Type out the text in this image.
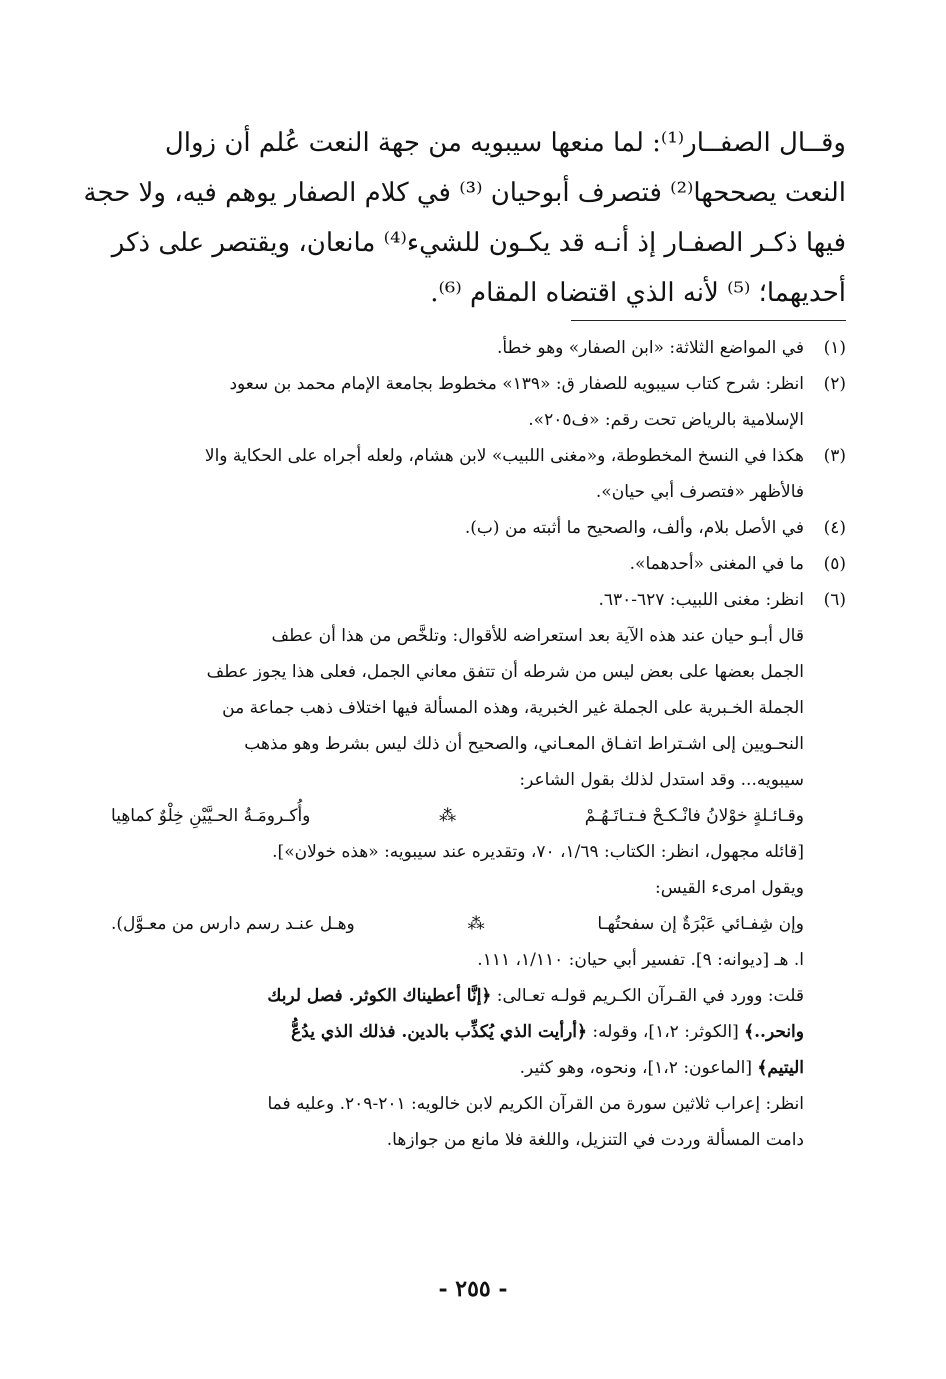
وقــال الصفــار⁽¹⁾: لما منعها سيبويه من جهة النعت عُلم أن زوال
النعت يصححها⁽²⁾ فتصرف أبوحيان ⁽³⁾ في كلام الصفار يوهم فيه، ولا حجة
فيها ذكـر الصفـار إذ أنـه قد يكـون للشيء⁽⁴⁾ مانعان، ويقتصر على ذكر
أحديهما؛ ⁽⁵⁾ لأنه الذي اقتضاه المقام ⁽⁶⁾.
(١)
في المواضع الثلاثة: «ابن الصفار» وهو خطأ.
(٢)
انظر: شرح كتاب سيبويه للصفار ق: «١٣٩» مخطوط بجامعة الإمام محمد بن سعود
الإسلامية بالرياض تحت رقم: «ف٢٠٥».
(٣)
هكذا في النسخ المخطوطة، و«مغنى اللبيب» لابن هشام، ولعله أجراه على الحكاية والا
فالأظهر «فتصرف أبي حيان».
(٤)
في الأصل بلام، وألف، والصحيح ما أثبته من (ب).
(٥)
ما في المغنى «أحدهما».
(٦)
انظر: مغنى اللبيب: ٦٢٧-٦٣٠.
قال أبـو حيان عند هذه الآية بعد استعراضه للأقوال: وتلخَّص من هذا أن عطف
الجمل بعضها على بعض ليس من شرطه أن تتفق معاني الجمل، فعلى هذا يجوز عطف
الجملة الخـبرية على الجملة غير الخبرية، وهذه المسألة فيها اختلاف ذهب جماعة من
النحـويين إلى اشـتراط اتفـاق المعـاني، والصحيح أن ذلك ليس بشرط وهو مذهب
سيبويه... وقد استدل لذلك بقول الشاعر:
وقـائـلةٍ خوْلانُ فانْـكـحْ فـتـاتَـهُـمْ
⁂
وأُكـرومَـةُ الحـيَّيْنِ خِلْوٌ كماهِيا
[قائله مجهول، انظر: الكتاب: ١/٦٩، ٧٠، وتقديره عند سيبويه: «هذه خولان»].
ويقول امرىء القيس:
وإن شِفـائي عَبْرَةٌ إن سفحتُهـا
⁂
وهـل عنـد رسم دارس من معـوَّل).
ا. هـ [ديوانه: ٩]. تفسير أبي حيان: ١/١١٠، ١١١.
قلت: وورد في القـرآن الكـريم قولـه تعـالى: ﴿إنَّا أعطيناك الكوثر. فصل لربك
وانحر..﴾ [الكوثر: ١،٢]، وقوله: ﴿أرأيت الذي يُكذِّب بالدين. فذلك الذي يدُعُّ
اليتيم﴾ [الماعون: ١،٢]، ونحوه، وهو كثير.
انظر: إعراب ثلاثين سورة من القرآن الكريم لابن خالويه: ٢٠١-٢٠٩. وعليه فما
دامت المسألة وردت في التنزيل، واللغة فلا مانع من جوازها.
- ٢٥٥ -
